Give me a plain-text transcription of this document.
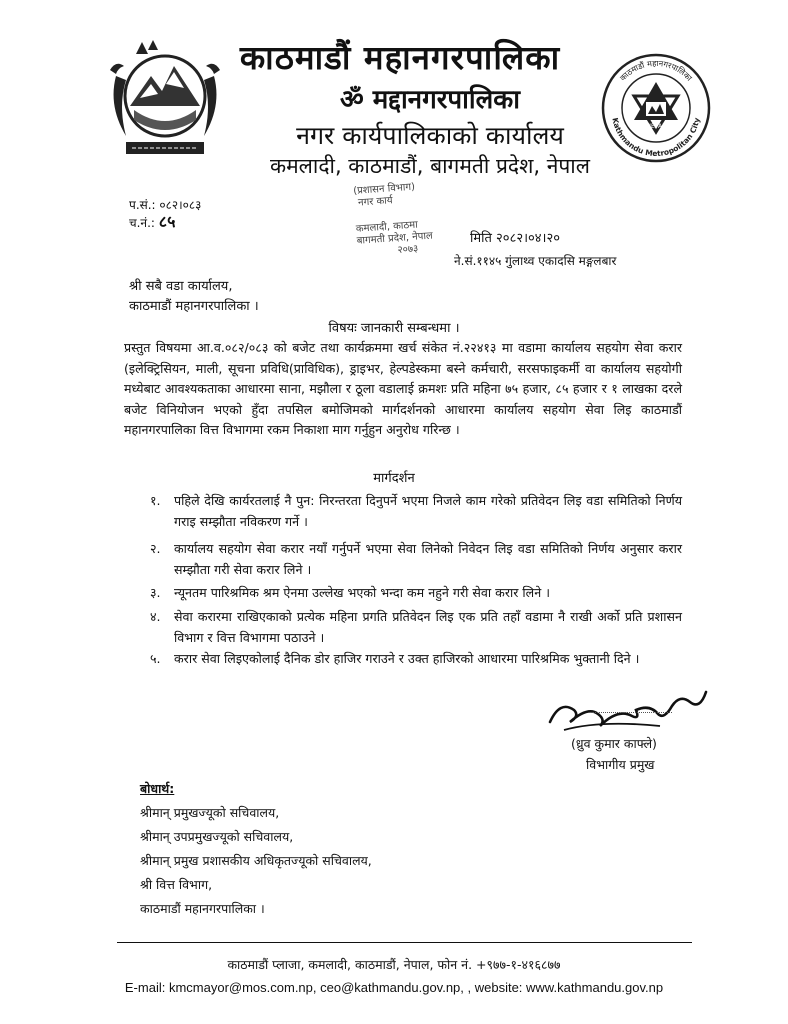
NEPAL
काठमाडौं महानगरपालिका
Kathmandu Metropolitan City
काठमाडौं महानगरपालिका
ॐ मद्दानगरपालिका
नगर कार्यपालिकाको कार्यालय
कमलादी, काठमाडौं, बागमती प्रदेश, नेपाल
प.सं.: ०८२।०८३
च.नं.: ८५
(प्रशासन विभाग)
नगर कार्य
कमलादी, काठमा
बागमती प्रदेश, नेपाल
२०७३
मिति २०८२।०४।२०
ने.सं.११४५ गुंलाथ्व एकादसि मङ्गलबार
श्री सबै वडा कार्यालय,
काठमाडौं महानगरपालिका ।
विषयः जानकारी सम्बन्धमा ।
प्रस्तुत विषयमा आ.व.०८२/०८३ को बजेट तथा कार्यक्रममा खर्च संकेत नं.२२४१३ मा वडामा कार्यालय सहयोग सेवा करार (इलेक्ट्रिसियन, माली, सूचना प्रविधि(प्राविधिक), ड्राइभर, हेल्पडेस्कमा बस्ने कर्मचारी, सरसफाइकर्मी वा कार्यालय सहयोगी मध्येबाट आवश्यकताका आधारमा साना, मझौला र ठूला वडालाई क्रमशः प्रति महिना ७५ हजार, ८५ हजार र १ लाखका दरले बजेट विनियोजन भएको हुँदा तपसिल बमोजिमको मार्गदर्शनको आधारमा कार्यालय सहयोग सेवा लिइ काठमाडौं महानगरपालिका वित्त विभागमा रकम निकाशा माग गर्नुहुन अनुरोध गरिन्छ ।
मार्गदर्शन
१.	पहिले देखि कार्यरतलाई नै पुन: निरन्तरता दिनुपर्ने भएमा निजले काम गरेको प्रतिवेदन लिइ वडा समितिको निर्णय गराइ सम्झौता नविकरण गर्ने ।
२.	कार्यालय सहयोग सेवा करार नयाँ गर्नुपर्ने भएमा सेवा लिनेको निवेदन लिइ वडा समितिको निर्णय अनुसार करार सम्झौता गरी सेवा करार लिने ।
३.	न्यूनतम पारिश्रमिक श्रम ऐनमा उल्लेख भएको भन्दा कम नहुने गरी सेवा करार लिने ।
४.	सेवा करारमा राखिएकाको प्रत्येक महिना प्रगति प्रतिवेदन लिइ एक प्रति तहाँ वडामा नै राखी अर्को प्रति प्रशासन विभाग र वित्त विभागमा पठाउने ।
५.	करार सेवा लिइएकोलाई दैनिक डोर हाजिर गराउने र उक्त हाजिरको आधारमा पारिश्रमिक भुक्तानी दिने ।
(ध्रुव कुमार काफ्ले)
विभागीय प्रमुख
बोधार्थ:
श्रीमान् प्रमुखज्यूको सचिवालय,
श्रीमान् उपप्रमुखज्यूको सचिवालय,
श्रीमान् प्रमुख प्रशासकीय अधिकृतज्यूको सचिवालय,
श्री वित्त विभाग,
काठमाडौं महानगरपालिका ।
काठमाडौं प्लाजा, कमलादी, काठमाडौं, नेपाल, फोन नं. +९७७-१-४१६८७७
E-mail: kmcmayor@mos.com.np, ceo@kathmandu.gov.np, , website: www.kathmandu.gov.np
